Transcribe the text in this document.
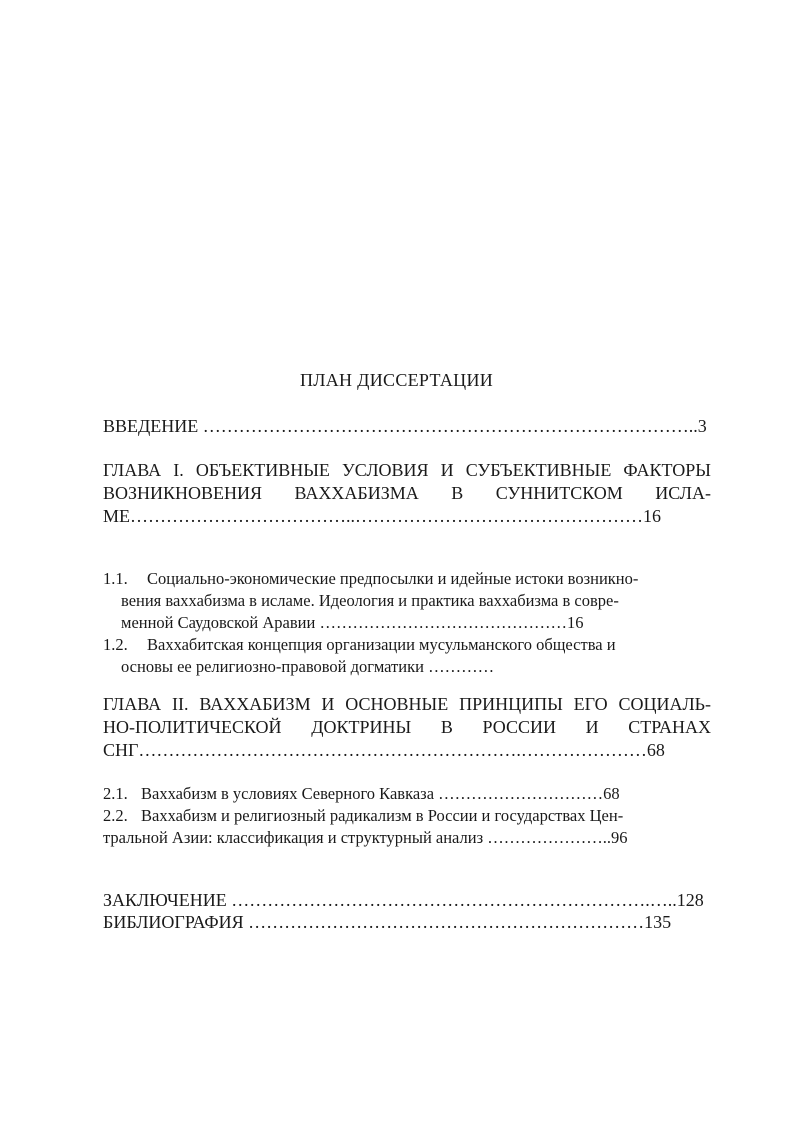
ПЛАН ДИССЕРТАЦИИ
ВВЕДЕНИЕ ………………………………………………………………………..3
ГЛАВА I. ОБЪЕКТИВНЫЕ УСЛОВИЯ И СУБЪЕКТИВНЫЕ ФАКТОРЫ
ВОЗНИКНОВЕНИЯ ВАХХАБИЗМА В СУННИТСКОМ ИСЛА-
МЕ………………………………..…………………………………………16
1.1. Социально-экономические предпосылки и идейные истоки возникно-
вения ваххабизма в исламе. Идеология и практика ваххабизма в совре-
менной Саудовской Аравии ………………………………………16
1.2. Ваххабитская концепция организации мусульманского общества и
основы ее религиозно-правовой догматики …………
ГЛАВА II. ВАХХАБИЗМ И ОСНОВНЫЕ ПРИНЦИПЫ ЕГО СОЦИАЛЬ-
НО-ПОЛИТИЧЕСКОЙ ДОКТРИНЫ В РОССИИ И СТРАНАХ
СНГ……………………………………………………….…………………68
2.1. Ваххабизм в условиях Северного Кавказа …………………………68
2.2. Ваххабизм и религиозный радикализм в России и государствах Цен-
тральной Азии: классификация и структурный анализ …………………..96
ЗАКЛЮЧЕНИЕ …………………………………………………………….…..128
БИБЛИОГРАФИЯ …………………………………………………………135
